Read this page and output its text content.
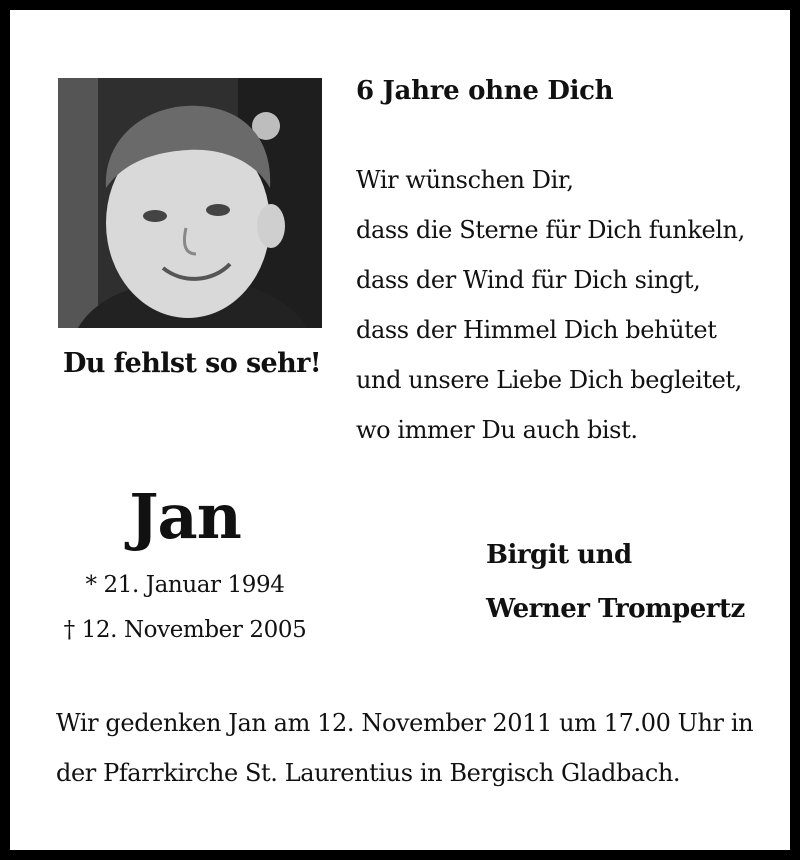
Du fehlst so sehr!
6 Jahre ohne Dich
Wir wünschen Dir,
dass die Sterne für Dich funkeln,
dass der Wind für Dich singt,
dass der Himmel Dich behütet
und unsere Liebe Dich begleitet,
wo immer Du auch bist.
Jan
* 21. Januar 1994
† 12. November 2005
Birgit und
Werner Trompertz
Wir gedenken Jan am 12. November 2011 um 17.00 Uhr in
der Pfarrkirche St. Laurentius in Bergisch Gladbach.
